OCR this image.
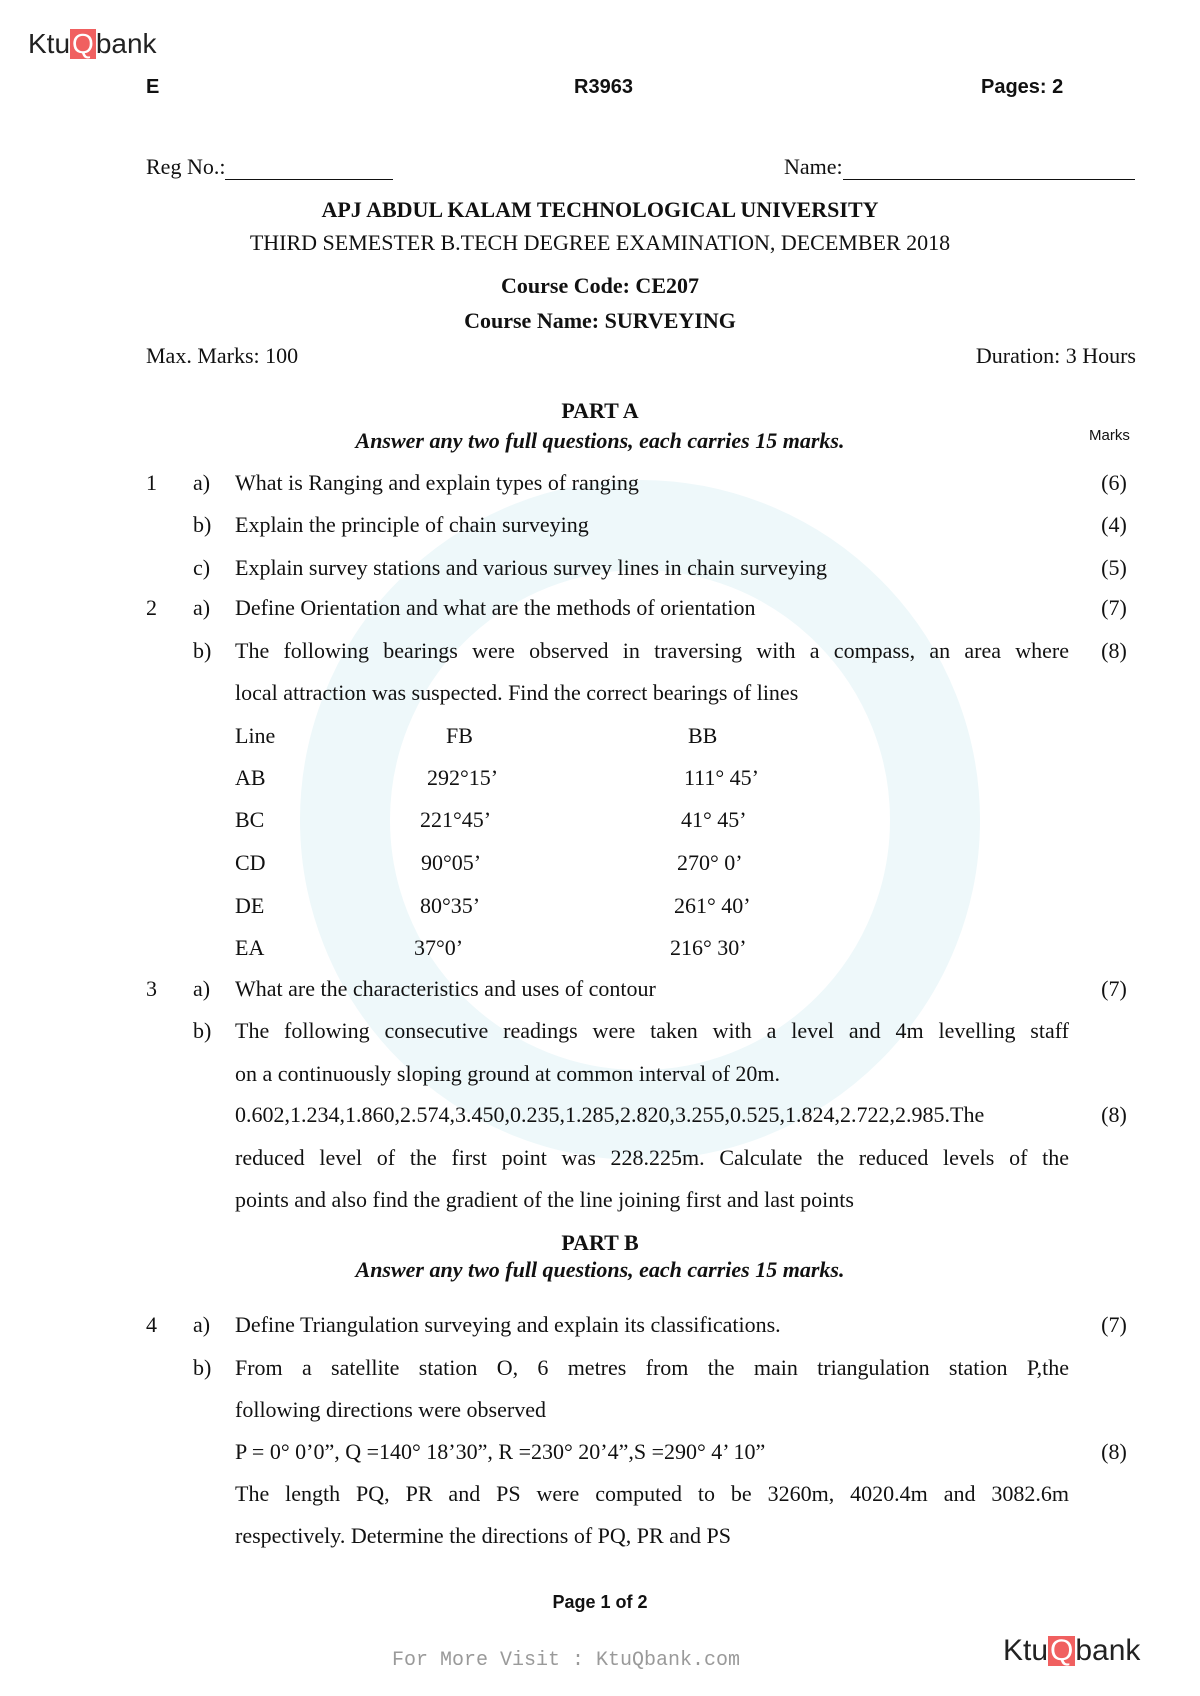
KtuQbank
E	R3963	Pages: 2
Reg No.:	Name:
APJ ABDUL KALAM TECHNOLOGICAL UNIVERSITY
THIRD SEMESTER B.TECH DEGREE EXAMINATION, DECEMBER 2018
Course Code: CE207
Course Name: SURVEYING
Max. Marks: 100	Duration: 3 Hours
PART A
Answer any two full questions, each carries 15 marks.	Marks
1 a) What is Ranging and explain types of ranging	(6)
b) Explain the principle of chain surveying	(4)
c) Explain survey stations and various survey lines in chain surveying	(5)
2 a) Define Orientation and what are the methods of orientation	(7)
b) The following bearings were observed in traversing with a compass, an area where (8)
local attraction was suspected. Find the correct bearings of lines
Line	FB	BB
AB	292°15’	111° 45’
BC	221°45’	41° 45’
CD	90°05’	270° 0’
DE	80°35’	261° 40’
EA	37°0’	216° 30’
3 a) What are the characteristics and uses of contour	(7)
b) The following consecutive readings were taken with a level and 4m levelling staff
on a continuously sloping ground at common interval of 20m.
0.602,1.234,1.860,2.574,3.450,0.235,1.285,2.820,3.255,0.525,1.824,2.722,2.985.The	(8)
reduced level of the first point was 228.225m. Calculate the reduced levels of the
points and also find the gradient of the line joining first and last points
PART B
Answer any two full questions, each carries 15 marks.
4 a) Define Triangulation surveying and explain its classifications.	(7)
b) From a satellite station O, 6 metres from the main triangulation station P,the
following directions were observed
P = 0° 0’0”, Q =140° 18’30”, R =230° 20’4”,S =290° 4’ 10”	(8)
The length PQ, PR and PS were computed to be 3260m, 4020.4m and 3082.6m
respectively. Determine the directions of PQ, PR and PS
Page 1 of 2
For More Visit : KtuQbank.com	KtuQbank
